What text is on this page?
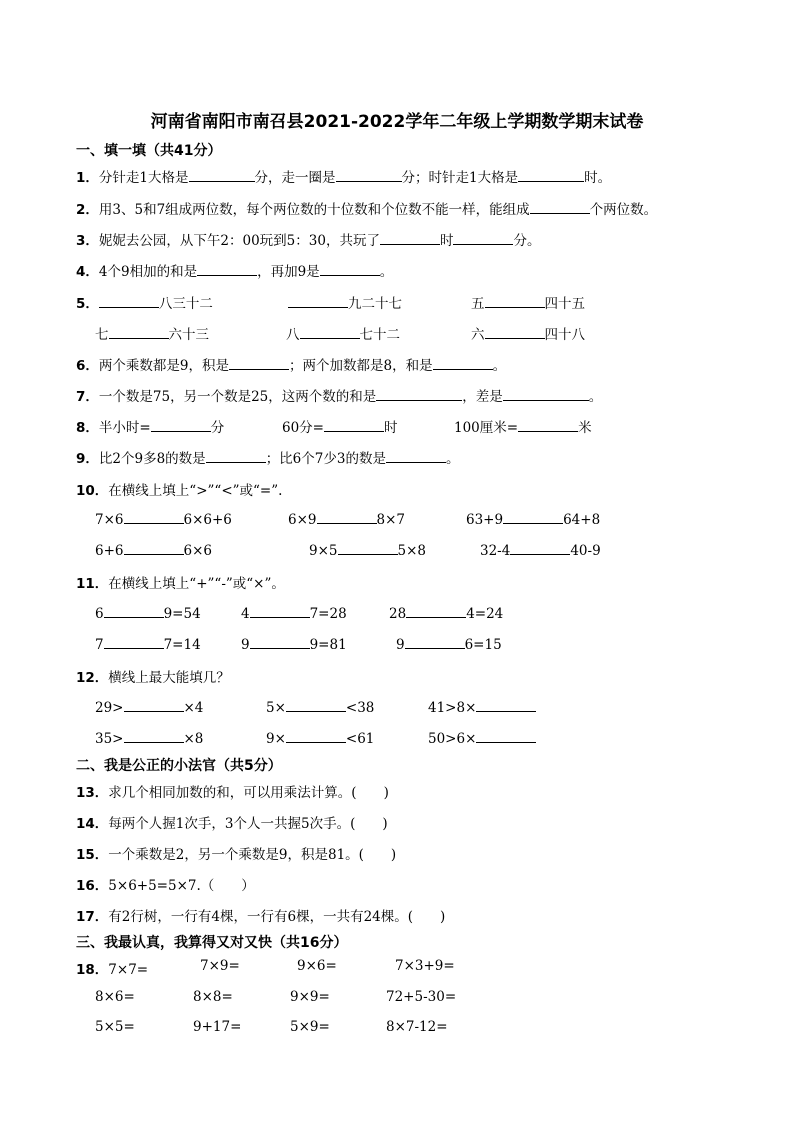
河南省南阳市南召县2021-2022学年二年级上学期数学期末试卷
一、填一填（共41分）
1．分针走1大格是	分，走一圈是	分；时针走1大格是	时。
2．用3、5和7组成两位数，每个两位数的十位数和个位数不能一样，能组成	个两位数。
3．妮妮去公园，从下午2：00玩到5：30，共玩了	时	分。
4．4个9相加的和是	，再加9是	。
5．	八三十二	九二十七	五	四十五
七	六十三	八	七十二	六	四十八
6．两个乘数都是9，积是	；两个加数都是8，和是	。
7．一个数是75，另一个数是25，这两个数的和是	，差是	。
8．半小时=	分	60分=	时	100厘米=	米
9．比2个9多8的数是	；比6个7少3的数是	。
10．在横线上填上“>”“<”或“=”.
7×6	6×6+6	6×9	8×7	63+9	64+8
6+6	6×6	9×5	5×8	32-4	40-9
11．在横线上填上“+”“-”或“×”。
6	9=54	4	7=28	28	4=24
7	7=14	9	9=81	9	6=15
12．横线上最大能填几？
29>	×4	5×	<38	41>8×
35>	×8	9×	<61	50>6×
二、我是公正的小法官（共5分）
13．求几个相同加数的和，可以用乘法计算。(　　)
14．每两个人握1次手，3个人一共握5次手。(　　)
15．一个乘数是2，另一个乘数是9，积是81。(　　)
16．5×6+5=5×7.（　　）
17．有2行树，一行有4棵，一行有6棵，一共有24棵。(　　)
三、我最认真，我算得又对又快（共16分）
18．7×7=	7×9=	9×6=	7×3+9=
8×6=	8×8=	9×9=	72+5-30=
5×5=	9+17=	5×9=	8×7-12=
